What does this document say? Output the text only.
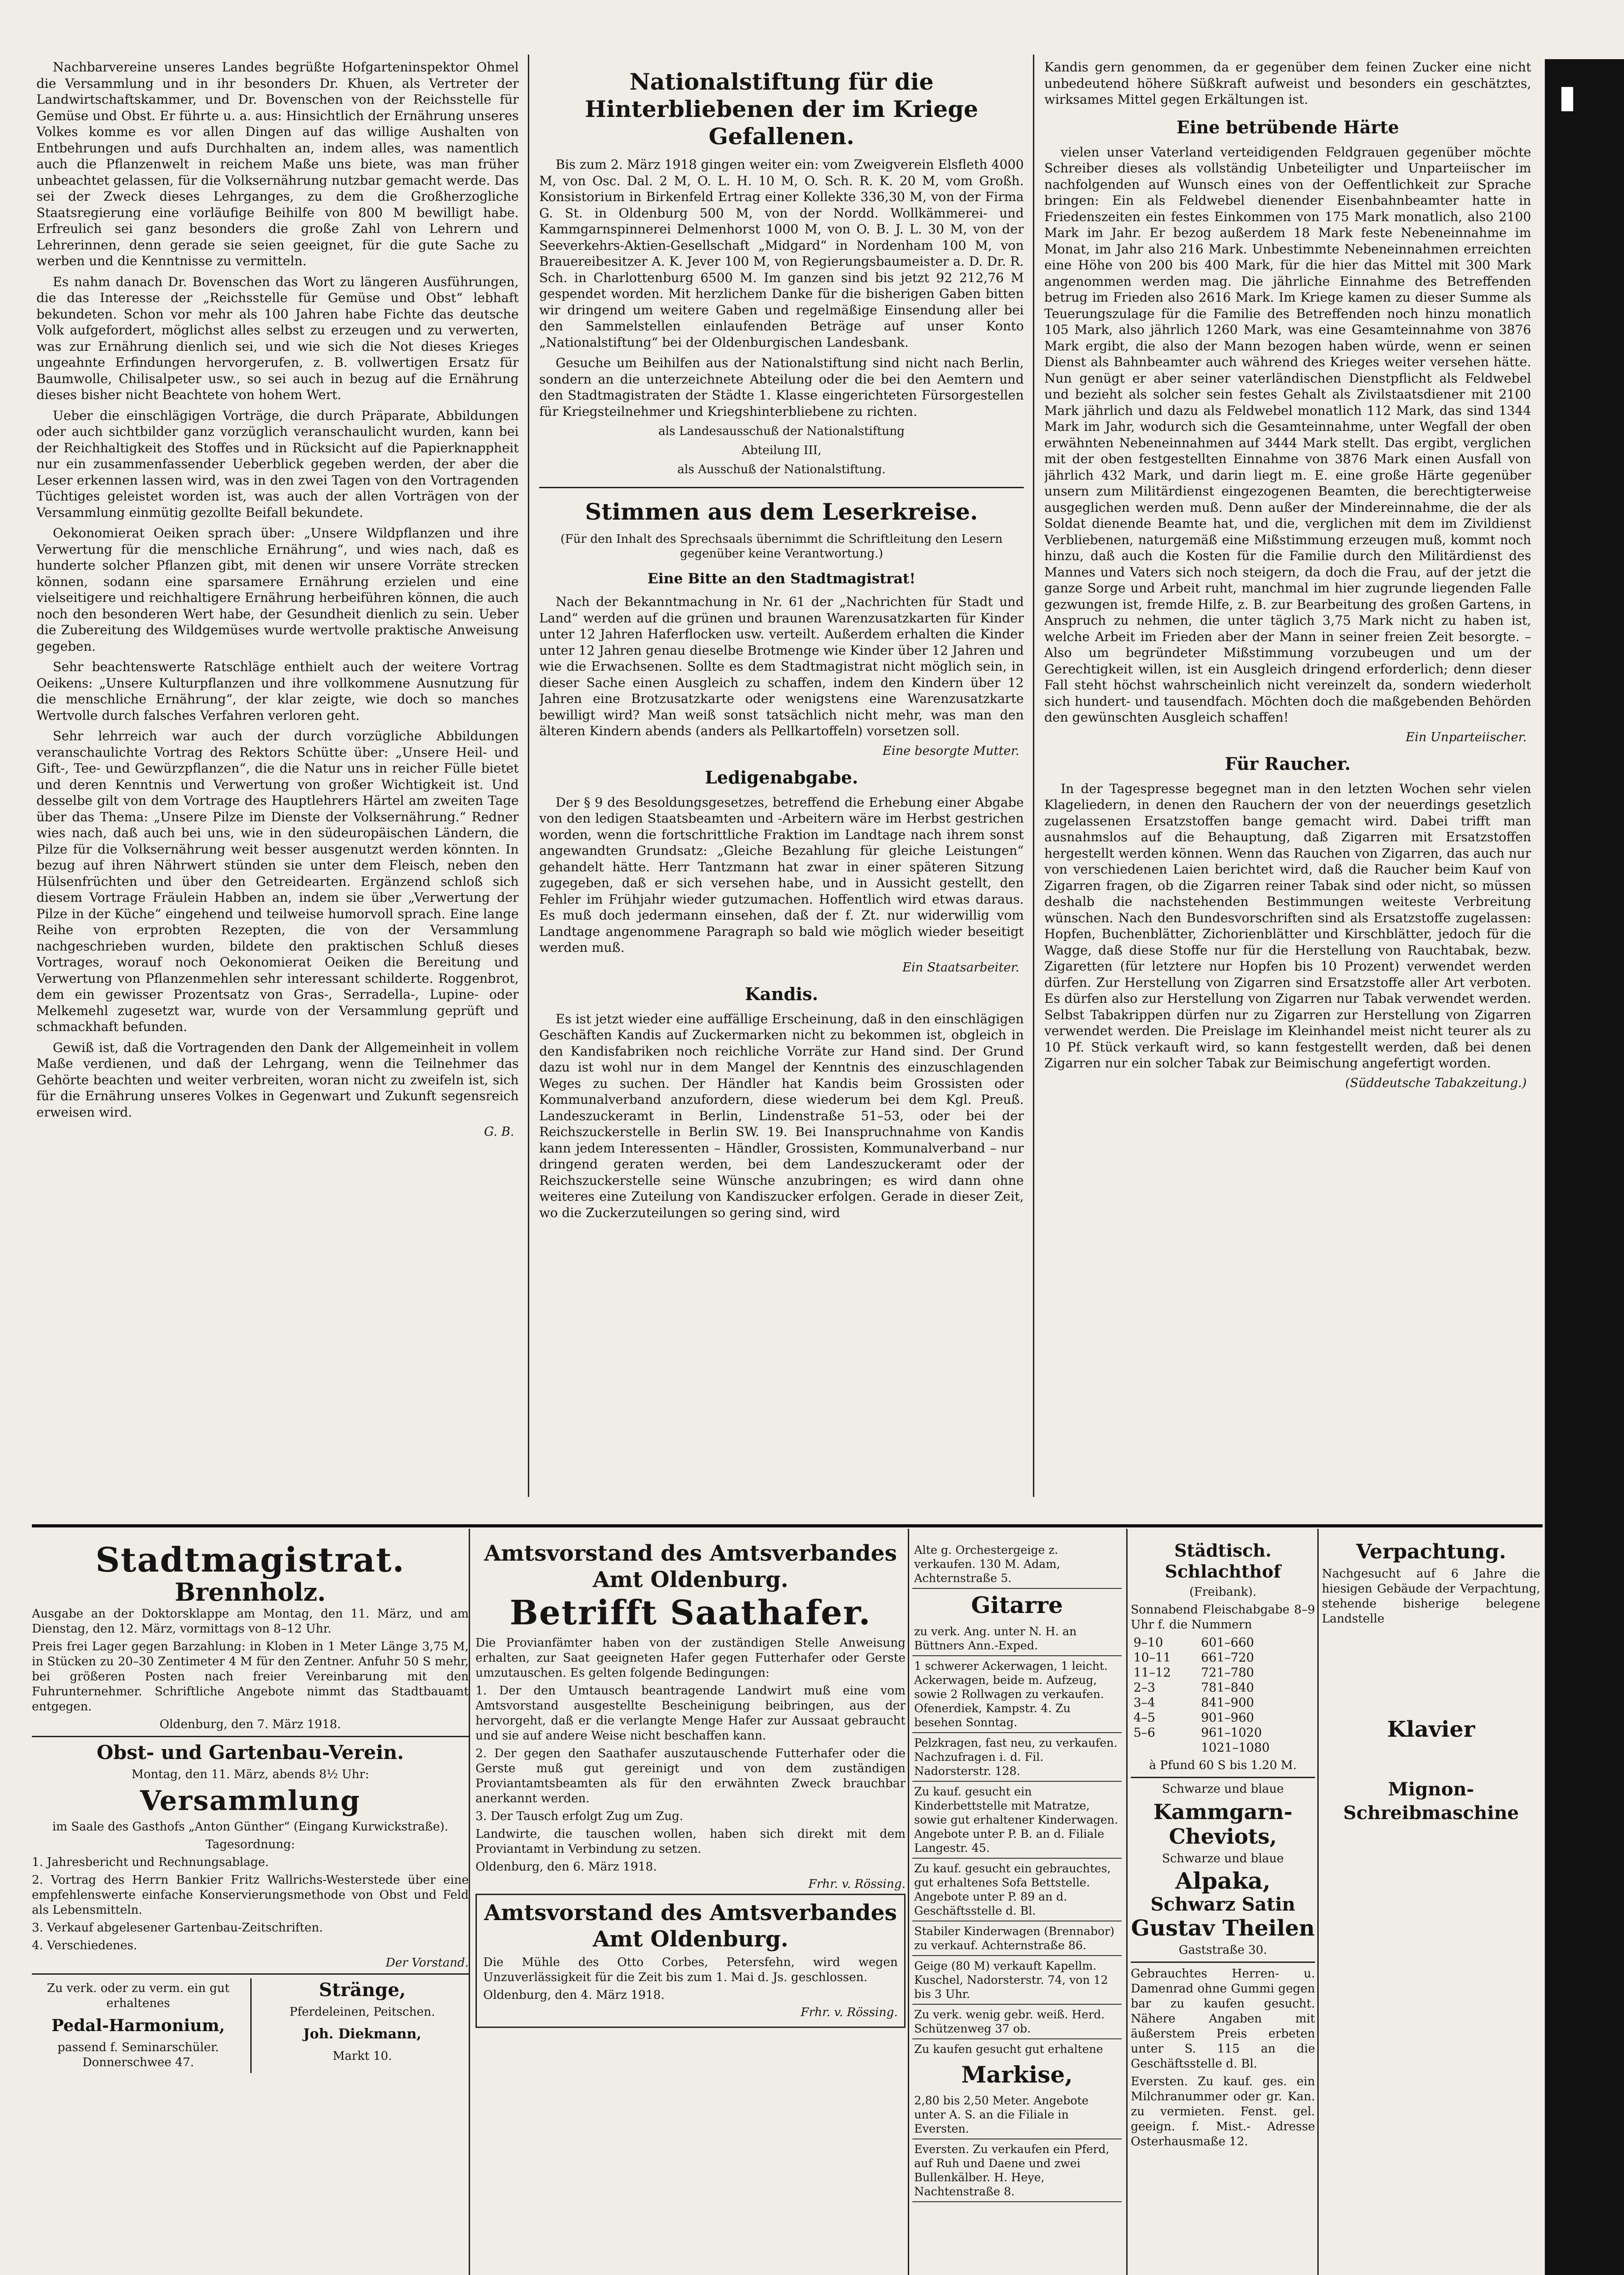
Nachbarvereine unseres Landes begrüßte Hofgarteninspektor Ohmel die Versammlung und in ihr besonders Dr. Khuen, als Vertreter der Landwirtschaftskammer, und Dr. Bovenschen von der Reichsstelle für Gemüse und Obst. Er führte u. a. aus: Hinsichtlich der Ernährung unseres Volkes komme es vor allen Dingen auf das willige Aushalten von Entbehrungen und aufs Durchhalten an, indem alles, was namentlich auch die Pflanzenwelt in reichem Maße uns biete, was man früher unbeachtet gelassen, für die Volksernährung nutzbar gemacht werde. Das sei der Zweck dieses Lehrganges, zu dem die Großherzogliche Staatsregierung eine vorläufige Beihilfe von 800 M bewilligt habe. Erfreulich sei ganz besonders die große Zahl von Lehrern und Lehrerinnen, denn gerade sie seien geeignet, für die gute Sache zu werben und die Kenntnisse zu vermitteln.

Es nahm danach Dr. Bovenschen das Wort zu längeren Ausführungen, die das Interesse der „Reichsstelle für Gemüse und Obst“ lebhaft bekundeten. Schon vor mehr als 100 Jahren habe Fichte das deutsche Volk aufgefordert, möglichst alles selbst zu erzeugen und zu verwerten, was zur Ernährung dienlich sei, und wie sich die Not dieses Krieges ungeahnte Erfindungen hervorgerufen, z. B. vollwertigen Ersatz für Baumwolle, Chilisalpeter usw., so sei auch in bezug auf die Ernährung dieses bisher nicht Beachtete von hohem Wert.

Ueber die einschlägigen Vorträge, die durch Präparate, Abbildungen oder auch sichtbilder ganz vorzüglich veranschaulicht wurden, kann bei der Reichhaltigkeit des Stoffes und in Rücksicht auf die Papierknappheit nur ein zusammenfassender Ueberblick gegeben werden, der aber die Leser erkennen lassen wird, was in den zwei Tagen von den Vortragenden Tüchtiges geleistet worden ist, was auch der allen Vorträgen von der Versammlung einmütig gezollte Beifall bekundete.

Oekonomierat Oeiken sprach über: „Unsere Wildpflanzen und ihre Verwertung für die menschliche Ernährung“, und wies nach, daß es hunderte solcher Pflanzen gibt, mit denen wir unsere Vorräte strecken können, sodann eine sparsamere Ernährung erzielen und eine vielseitigere und reichhaltigere Ernährung herbeiführen können, die auch noch den besonderen Wert habe, der Gesundheit dienlich zu sein. Ueber die Zubereitung des Wildgemüses wurde wertvolle praktische Anweisung gegeben.

Sehr beachtenswerte Ratschläge enthielt auch der weitere Vortrag Oeikens: „Unsere Kulturpflanzen und ihre vollkommene Ausnutzung für die menschliche Ernährung“, der klar zeigte, wie doch so manches Wertvolle durch falsches Verfahren verloren geht.

Sehr lehrreich war auch der durch vorzügliche Abbildungen veranschaulichte Vortrag des Rektors Schütte über: „Unsere Heil- und Gift-, Tee- und Gewürzpflanzen“, die die Natur uns in reicher Fülle bietet und deren Kenntnis und Verwertung von großer Wichtigkeit ist. Und desselbe gilt von dem Vortrage des Hauptlehrers Härtel am zweiten Tage über das Thema: „Unsere Pilze im Dienste der Volksernährung.“ Redner wies nach, daß auch bei uns, wie in den südeuropäischen Ländern, die Pilze für die Volksernährung weit besser ausgenutzt werden könnten. In bezug auf ihren Nährwert stünden sie unter dem Fleisch, neben den Hülsenfrüchten und über den Getreidearten. Ergänzend schloß sich diesem Vortrage Fräulein Habben an, indem sie über „Verwertung der Pilze in der Küche“ eingehend und teilweise humorvoll sprach. Eine lange Reihe von erprobten Rezepten, die von der Versammlung nachgeschrieben wurden, bildete den praktischen Schluß dieses Vortrages, worauf noch Oekonomierat Oeiken die Bereitung und Verwertung von Pflanzenmehlen sehr interessant schilderte. Roggenbrot, dem ein gewisser Prozentsatz von Gras-, Serradella-, Lupine- oder Melkemehl zugesetzt war, wurde von der Versammlung geprüft und schmackhaft befunden.

Gewiß ist, daß die Vortragenden den Dank der Allgemeinheit in vollem Maße verdienen, und daß der Lehrgang, wenn die Teilnehmer das Gehörte beachten und weiter verbreiten, woran nicht zu zweifeln ist, sich für die Ernährung unseres Volkes in Gegenwart und Zukunft segensreich erweisen wird.

G. B.
Nationalstiftung für die Hinterbliebenen der im Kriege Gefallenen.

Bis zum 2. März 1918 gingen weiter ein: vom Zweigverein Elsfleth 4000 M, von Osc. Dal. 2 M, O. L. H. 10 M, O. Sch. R. K. 20 M, vom Großh. Konsistorium in Birkenfeld Ertrag einer Kollekte 336,30 M, von der Firma G. St. in Oldenburg 500 M, von der Nordd. Wollkämmerei- und Kammgarnspinnerei Delmenhorst 1000 M, von O. B. J. L. 30 M, von der Seeverkehrs-Aktien-Gesellschaft „Midgard“ in Nordenham 100 M, von Brauereibesitzer A. K. Jever 100 M, von Regierungsbaumeister a. D. Dr. R. Sch. in Charlottenburg 6500 M. Im ganzen sind bis jetzt 92 212,76 M gespendet worden. Mit herzlichem Danke für die bisherigen Gaben bitten wir dringend um weitere Gaben und regelmäßige Einsendung aller bei den Sammelstellen einlaufenden Beträge auf unser Konto „Nationalstiftung“ bei der Oldenburgischen Landesbank.

Gesuche um Beihilfen aus der Nationalstiftung sind nicht nach Berlin, sondern an die unterzeichnete Abteilung oder die bei den Aemtern und den Stadtmagistraten der Städte 1. Klasse eingerichteten Fürsorgestellen für Kriegsteilnehmer und Kriegshinterbliebene zu richten.

als Landesausschuß der Nationalstiftung
Abteilung III,
als Ausschuß der Nationalstiftung.
Stimmen aus dem Leserkreise.
(Für den Inhalt des Sprechsaals übernimmt die Schriftleitung den Lesern gegenüber keine Verantwortung.)
Eine Bitte an den Stadtmagistrat!

Nach der Bekanntmachung in Nr. 61 der „Nachrichten für Stadt und Land“ werden auf die grünen und braunen Warenzusatzkarten für Kinder unter 12 Jahren Haferflocken usw. verteilt. Außerdem erhalten die Kinder unter 12 Jahren genau dieselbe Brotmenge wie Kinder über 12 Jahren und wie die Erwachsenen. Sollte es dem Stadtmagistrat nicht möglich sein, in dieser Sache einen Ausgleich zu schaffen, indem den Kindern über 12 Jahren eine Brotzusatzkarte oder wenigstens eine Warenzusatzkarte bewilligt wird? Man weiß sonst tatsächlich nicht mehr, was man den älteren Kindern abends (anders als Pellkartoffeln) vorsetzen soll.

Eine besorgte Mutter.
Ledigenabgabe.

Der § 9 des Besoldungsgesetzes, betreffend die Erhebung einer Abgabe von den ledigen Staatsbeamten und -Arbeitern wäre im Herbst gestrichen worden, wenn die fortschrittliche Fraktion im Landtage nach ihrem sonst angewandten Grundsatz: „Gleiche Bezahlung für gleiche Leistungen“ gehandelt hätte. Herr Tantzmann hat zwar in einer späteren Sitzung zugegeben, daß er sich versehen habe, und in Aussicht gestellt, den Fehler im Frühjahr wieder gutzumachen. Hoffentlich wird etwas daraus. Es muß doch jedermann einsehen, daß der f. Zt. nur widerwillig vom Landtage angenommene Paragraph so bald wie möglich wieder beseitigt werden muß.

Ein Staatsarbeiter.
Kandis.

Es ist jetzt wieder eine auffällige Erscheinung, daß in den einschlägigen Geschäften Kandis auf Zuckermarken nicht zu bekommen ist, obgleich in den Kandisfabriken noch reichliche Vorräte zur Hand sind. Der Grund dazu ist wohl nur in dem Mangel der Kenntnis des einzuschlagenden Weges zu suchen. Der Händler hat Kandis beim Grossisten oder Kommunalverband anzufordern, diese wiederum bei dem Kgl. Preuß. Landeszuckeramt in Berlin, Lindenstraße 51–53, oder bei der Reichszuckerstelle in Berlin SW. 19. Bei Inanspruchnahme von Kandis kann jedem Interessenten – Händler, Grossisten, Kommunalverband – nur dringend geraten werden, bei dem Landeszuckeramt oder der Reichszuckerstelle seine Wünsche anzubringen; es wird dann ohne weiteres eine Zuteilung von Kandiszucker erfolgen. Gerade in dieser Zeit, wo die Zuckerzuteilungen so gering sind, wird

Kandis gern genommen, da er gegenüber dem feinen Zucker eine nicht unbedeutend höhere Süßkraft aufweist und besonders ein geschätztes, wirksames Mittel gegen Erkältungen ist.

Eine betrübende Härte

vielen unser Vaterland verteidigenden Feldgrauen gegenüber möchte Schreiber dieses als vollständig Unbeteiligter und Unparteiischer im nachfolgenden auf Wunsch eines von der Oeffentlichkeit zur Sprache bringen: Ein als Feldwebel dienender Eisenbahnbeamter hatte in Friedenszeiten ein festes Einkommen von 175 Mark monatlich, also 2100 Mark im Jahr. Er bezog außerdem 18 Mark feste Nebeneinnahme im Monat, im Jahr also 216 Mark. Unbestimmte Nebeneinnahmen erreichten eine Höhe von 200 bis 400 Mark, für die hier das Mittel mit 300 Mark angenommen werden mag. Die jährliche Einnahme des Betreffenden betrug im Frieden also 2616 Mark. Im Kriege kamen zu dieser Summe als Teuerungszulage für die Familie des Betreffenden noch hinzu monatlich 105 Mark, also jährlich 1260 Mark, was eine Gesamteinnahme von 3876 Mark ergibt, die also der Mann bezogen haben würde, wenn er seinen Dienst als Bahnbeamter auch während des Krieges weiter versehen hätte. Nun genügt er aber seiner vaterländischen Dienstpflicht als Feldwebel und bezieht als solcher sein festes Gehalt als Zivilstaatsdiener mit 2100 Mark jährlich und dazu als Feldwebel monatlich 112 Mark, das sind 1344 Mark im Jahr, wodurch sich die Gesamteinnahme, unter Wegfall der oben erwähnten Nebeneinnahmen auf 3444 Mark stellt. Das ergibt, verglichen mit der oben festgestellten Einnahme von 3876 Mark einen Ausfall von jährlich 432 Mark, und darin liegt m. E. eine große Härte gegenüber unsern zum Militärdienst eingezogenen Beamten, die berechtigterweise ausgeglichen werden muß. Denn außer der Mindereinnahme, die der als Soldat dienende Beamte hat, und die, verglichen mit dem im Zivildienst Verbliebenen, naturgemäß eine Mißstimmung erzeugen muß, kommt noch hinzu, daß auch die Kosten für die Familie durch den Militärdienst des Mannes und Vaters sich noch steigern, da doch die Frau, auf der jetzt die ganze Sorge und Arbeit ruht, manchmal im hier zugrunde liegenden Falle gezwungen ist, fremde Hilfe, z. B. zur Bearbeitung des großen Gartens, in Anspruch zu nehmen, die unter täglich 3,75 Mark nicht zu haben ist, welche Arbeit im Frieden aber der Mann in seiner freien Zeit besorgte. – Also um begründeter Mißstimmung vorzubeugen und um der Gerechtigkeit willen, ist ein Ausgleich dringend erforderlich; denn dieser Fall steht höchst wahrscheinlich nicht vereinzelt da, sondern wiederholt sich hundert- und tausendfach. Möchten doch die maßgebenden Behörden den gewünschten Ausgleich schaffen!

Ein Unparteiischer.
Für Raucher.

In der Tagespresse begegnet man in den letzten Wochen sehr vielen Klageliedern, in denen den Rauchern der von der neuerdings gesetzlich zugelassenen Ersatzstoffen bange gemacht wird. Dabei trifft man ausnahmslos auf die Behauptung, daß Zigarren mit Ersatzstoffen hergestellt werden können. Wenn das Rauchen von Zigarren, das auch nur von verschiedenen Laien berichtet wird, daß die Raucher beim Kauf von Zigarren fragen, ob die Zigarren reiner Tabak sind oder nicht, so müssen deshalb die nachstehenden Bestimmungen weiteste Verbreitung wünschen. Nach den Bundesvorschriften sind als Ersatzstoffe zugelassen: Hopfen, Buchenblätter, Zichorienblätter und Kirschblätter, jedoch für die Wagge, daß diese Stoffe nur für die Herstellung von Rauchtabak, bezw. Zigaretten (für letztere nur Hopfen bis 10 Prozent) verwendet werden dürfen. Zur Herstellung von Zigarren sind Ersatzstoffe aller Art verboten. Es dürfen also zur Herstellung von Zigarren nur Tabak verwendet werden. Selbst Tabakrippen dürfen nur zu Zigarren zur Herstellung von Zigarren verwendet werden. Die Preislage im Kleinhandel meist nicht teurer als zu 10 Pf. Stück verkauft wird, so kann festgestellt werden, daß bei denen Zigarren nur ein solcher Tabak zur Beimischung angefertigt worden.

(Süddeutsche Tabakzeitung.)
▮
Stadtmagistrat.
Brennholz.
Ausgabe an der Doktorsklappe am Montag, den 11. März, und am Dienstag, den 12. März, vormittags von 8–12 Uhr.
Preis frei Lager gegen Barzahlung: in Kloben in 1 Meter Länge 3,75 M, in Stücken zu 20–30 Zentimeter 4 M für den Zentner. Anfuhr 50 S mehr, bei größeren Posten nach freier Vereinbarung mit den Fuhrunternehmer. Schriftliche Angebote nimmt das Stadtbauamt entgegen.
Oldenburg, den 7. März 1918.
Obst- und Gartenbau-Verein.
Montag, den 11. März, abends 8½ Uhr:
Versammlung
im Saale des Gasthofs „Anton Günther“ (Eingang Kurwickstraße).
Tagesordnung:
1. Jahresbericht und Rechnungsablage.
2. Vortrag des Herrn Bankier Fritz Wallrichs-Westerstede über eine empfehlenswerte einfache Konservierungsmethode von Obst und Feld als Lebensmitteln.
3. Verkauf abgelesener Gartenbau-Zeitschriften.
4. Verschiedenes.
Der Vorstand.
Zu verk. oder zu verm. ein gut erhaltenes
Pedal-Harmonium,
passend f. Seminarschüler. Donnerschwee 47.
Stränge,
Pferdeleinen, Peitschen.
Joh. Diekmann,
Markt 10.
Amtsvorstand des Amtsverbandes Amt Oldenburg.
Betrifft Saathafer.
Die Provianfämter haben von der zuständigen Stelle Anweisung erhalten, zur Saat geeigneten Hafer gegen Futterhafer oder Gerste umzutauschen. Es gelten folgende Bedingungen:
1. Der den Umtausch beantragende Landwirt muß eine vom Amtsvorstand ausgestellte Bescheinigung beibringen, aus der hervorgeht, daß er die verlangte Menge Hafer zur Aussaat gebraucht und sie auf andere Weise nicht beschaffen kann.
2. Der gegen den Saathafer auszutauschende Futterhafer oder die Gerste muß gut gereinigt und von dem zuständigen Proviantamtsbeamten als für den erwähnten Zweck brauchbar anerkannt werden.
3. Der Tausch erfolgt Zug um Zug.
Landwirte, die tauschen wollen, haben sich direkt mit dem Proviantamt in Verbindung zu setzen.
Oldenburg, den 6. März 1918.
Frhr. v. Rössing.
Amtsvorstand des Amtsverbandes Amt Oldenburg.
Die Mühle des Otto Corbes, Petersfehn, wird wegen Unzuverlässigkeit für die Zeit bis zum 1. Mai d. Js. geschlossen.
Oldenburg, den 4. März 1918.
Frhr. v. Rössing.
Alte g. Orchestergeige z. verkaufen. 130 M. Adam, Achternstraße 5.
Gitarre
zu verk. Ang. unter N. H. an Büttners Ann.-Exped.
1 schwerer Ackerwagen, 1 leicht. Ackerwagen, beide m. Aufzeug, sowie 2 Rollwagen zu verkaufen. Ofenerdiek, Kampstr. 4. Zu besehen Sonntag.
Pelzkragen, fast neu, zu verkaufen. Nachzufragen i. d. Fil. Nadorsterstr. 128.
Zu kauf. gesucht ein Kinderbettstelle mit Matratze, sowie gut erhaltener Kinderwagen. Angebote unter P. B. an d. Filiale Langestr. 45.
Zu kauf. gesucht ein gebrauchtes, gut erhaltenes Sofa Bettstelle. Angebote unter P. 89 an d. Geschäftsstelle d. Bl.
Stabiler Kinderwagen (Brennabor) zu verkauf. Achternstraße 86.
Geige (80 M) verkauft Kapellm. Kuschel, Nadorsterstr. 74, von 12 bis 3 Uhr.
Zu verk. wenig gebr. weiß. Herd. Schützenweg 37 ob.
Zu kaufen gesucht gut erhaltene
Markise,
2,80 bis 2,50 Meter. Angebote unter A. S. an die Filiale in Eversten.
Eversten. Zu verkaufen ein Pferd, auf Ruh und Daene und zwei Bullenkälber. H. Heye, Nachtenstraße 8.
Städtisch. Schlachthof
(Freibank).
Sonnabend Fleischabgabe 8–9 Uhr f. die Nummern
9–10	601–660
10–11	661–720
11–12	721–780
2–3	781–840
3–4	841–900
4–5	901–960
5–6	961–1020
	1021–1080
à Pfund 60 S bis 1.20 M.
Schwarze und blaue
Kammgarn-Cheviots,
Schwarze und blaue
Alpaka,
Schwarz Satin
Gustav Theilen
Gaststraße 30.
Gebrauchtes Herren- u. Damenrad ohne Gummi gegen bar zu kaufen gesucht. Nähere Angaben mit äußerstem Preis erbeten unter S. 115 an die Geschäftsstelle d. Bl.
Eversten. Zu kauf. ges. ein Milchranummer oder gr. Kan. zu vermieten. Fenst. gel. geeign. f. Mist.- Adresse Osterhausmaße 12.
Verpachtung.
Nachgesucht auf 6 Jahre die hiesigen Gebäude der Verpachtung, stehende bisherige belegene Landstelle
Klavier
Mignon-Schreibmaschine
